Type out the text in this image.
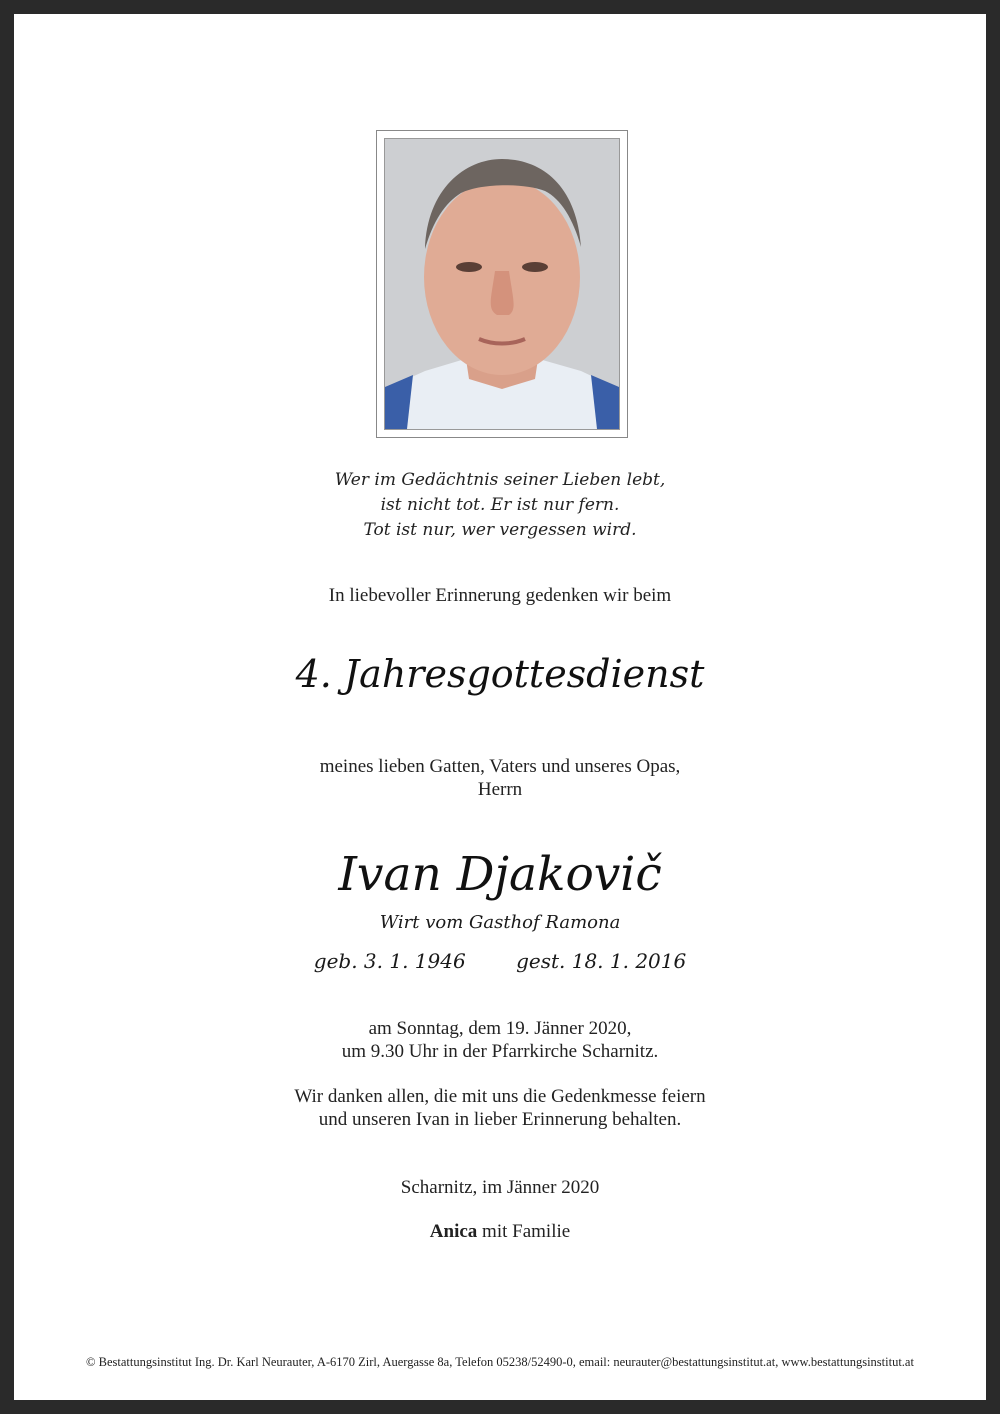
Wer im Gedächtnis seiner Lieben lebt,
ist nicht tot. Er ist nur fern.
Tot ist nur, wer vergessen wird.
In liebevoller Erinnerung gedenken wir beim
4. Jahresgottesdienst
meines lieben Gatten, Vaters und unseres Opas,
Herrn
Ivan Djakovič
Wirt vom Gasthof Ramona
geb. 3. 1. 1946	gest. 18. 1. 2016
am Sonntag, dem 19. Jänner 2020,
um 9.30 Uhr in der Pfarrkirche Scharnitz.
Wir danken allen, die mit uns die Gedenkmesse feiern
und unseren Ivan in lieber Erinnerung behalten.
Scharnitz, im Jänner 2020
Anica mit Familie
© Bestattungsinstitut Ing. Dr. Karl Neurauter, A-6170 Zirl, Auergasse 8a, Telefon 05238/52490-0, email: neurauter@bestattungsinstitut.at, www.bestattungsinstitut.at
